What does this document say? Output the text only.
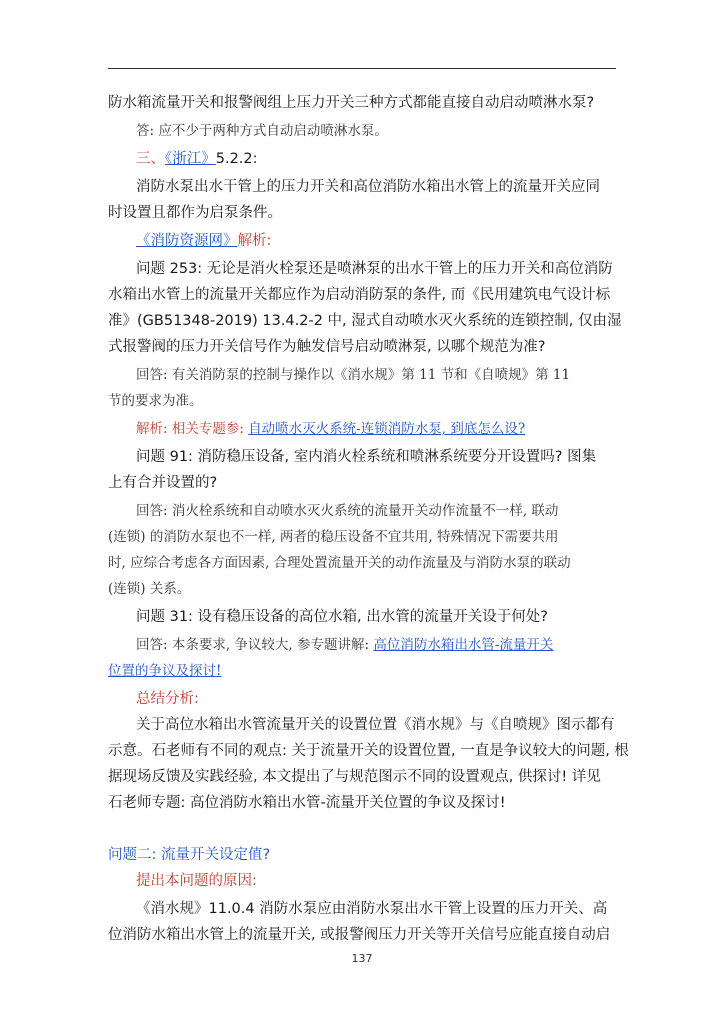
防水箱流量开关和报警阀组上压力开关三种方式都能直接自动启动喷淋水泵?
答: 应不少于两种方式自动启动喷淋水泵。
三、《浙江》5.2.2:
消防水泵出水干管上的压力开关和高位消防水箱出水管上的流量开关应同
时设置且都作为启泵条件。
《消防资源网》解析:
问题 253: 无论是消火栓泵还是喷淋泵的出水干管上的压力开关和高位消防
水箱出水管上的流量开关都应作为启动消防泵的条件, 而《民用建筑电气设计标
准》(GB51348-2019) 13.4.2-2 中, 湿式自动喷水灭火系统的连锁控制, 仅由湿
式报警阀的压力开关信号作为触发信号启动喷淋泵, 以哪个规范为准?
回答: 有关消防泵的控制与操作以《消水规》第 11 节和《自喷规》第 11
节的要求为准。
解析: 相关专题参: 自动喷水灭火系统-连锁消防水泵, 到底怎么设?
问题 91: 消防稳压设备, 室内消火栓系统和喷淋系统要分开设置吗? 图集
上有合并设置的?
回答: 消火栓系统和自动喷水灭火系统的流量开关动作流量不一样, 联动
(连锁) 的消防水泵也不一样, 两者的稳压设备不宜共用, 特殊情况下需要共用
时, 应综合考虑各方面因素, 合理处置流量开关的动作流量及与消防水泵的联动
(连锁) 关系。
问题 31: 设有稳压设备的高位水箱, 出水管的流量开关设于何处?
回答: 本条要求, 争议较大, 参专题讲解: 高位消防水箱出水管-流量开关
位置的争议及探讨!
总结分析:
关于高位水箱出水管流量开关的设置位置《消水规》与《自喷规》图示都有
示意。石老师有不同的观点: 关于流量开关的设置位置, 一直是争议较大的问题, 根
据现场反馈及实践经验, 本文提出了与规范图示不同的设置观点, 供探讨! 详见
石老师专题: 高位消防水箱出水管-流量开关位置的争议及探讨!
问题二: 流量开关设定值?
提出本问题的原因:
《消水规》11.0.4 消防水泵应由消防水泵出水干管上设置的压力开关、高
位消防水箱出水管上的流量开关, 或报警阀压力开关等开关信号应能直接自动启
137
